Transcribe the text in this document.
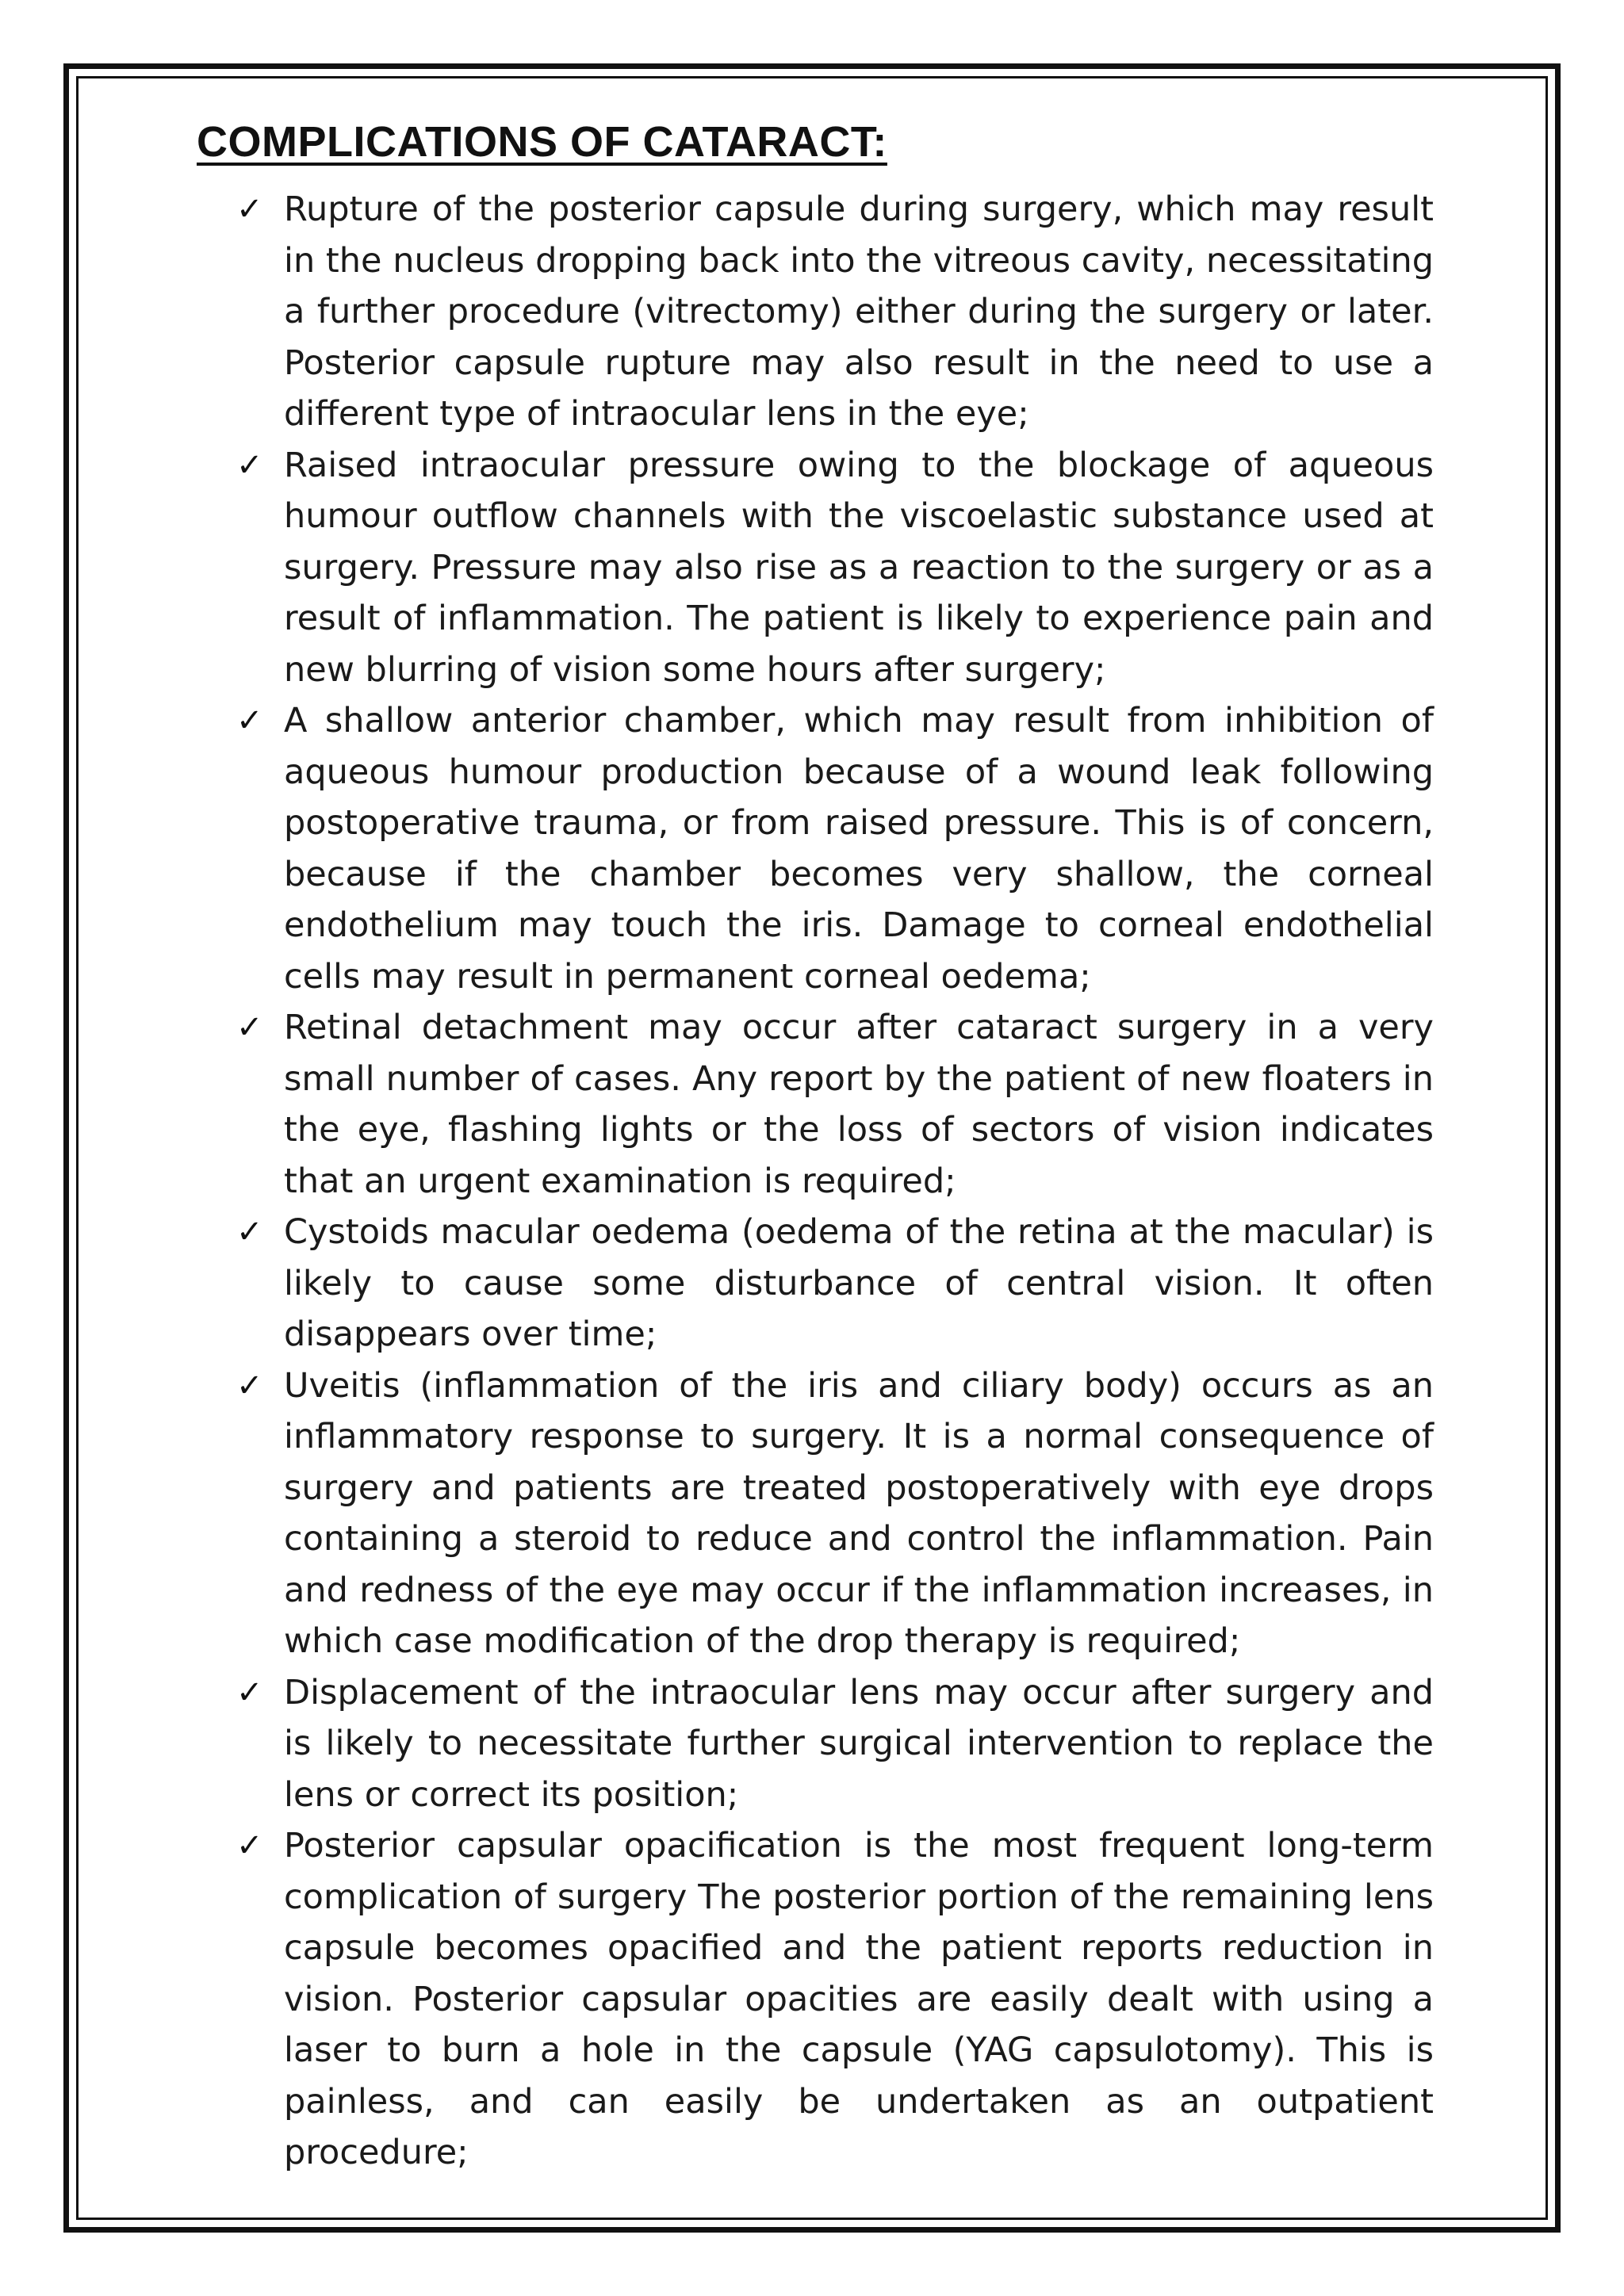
COMPLICATIONS OF CATARACT:
✓ Rupture of the posterior capsule during surgery, which may result in the nucleus dropping back into the vitreous cavity, necessitating a further procedure (vitrectomy) either during the surgery or later. Posterior capsule rupture may also result in the need to use a different type of intraocular lens in the eye;
✓ Raised intraocular pressure owing to the blockage of aqueous humour outflow channels with the viscoelastic substance used at surgery. Pressure may also rise as a reaction to the surgery or as a result of inflammation. The patient is likely to experience pain and new blurring of vision some hours after surgery;
✓ A shallow anterior chamber, which may result from inhibition of aqueous humour production because of a wound leak following postoperative trauma, or from raised pressure. This is of concern, because if the chamber becomes very shallow, the corneal endothelium may touch the iris. Damage to corneal endothelial cells may result in permanent corneal oedema;
✓ Retinal detachment may occur after cataract surgery in a very small number of cases. Any report by the patient of new floaters in the eye, flashing lights or the loss of sectors of vision indicates that an urgent examination is required;
✓ Cystoids macular oedema (oedema of the retina at the macular) is likely to cause some disturbance of central vision. It often disappears over time;
✓ Uveitis (inflammation of the iris and ciliary body) occurs as an inflammatory response to surgery. It is a normal consequence of surgery and patients are treated postoperatively with eye drops containing a steroid to reduce and control the inflammation. Pain and redness of the eye may occur if the inflammation increases, in which case modification of the drop therapy is required;
✓ Displacement of the intraocular lens may occur after surgery and is likely to necessitate further surgical intervention to replace the lens or correct its position;
✓ Posterior capsular opacification is the most frequent long-term complication of surgery The posterior portion of the remaining lens capsule becomes opacified and the patient reports reduction in vision. Posterior capsular opacities are easily dealt with using a laser to burn a hole in the capsule (YAG capsulotomy). This is painless, and can easily be undertaken as an outpatient procedure;
